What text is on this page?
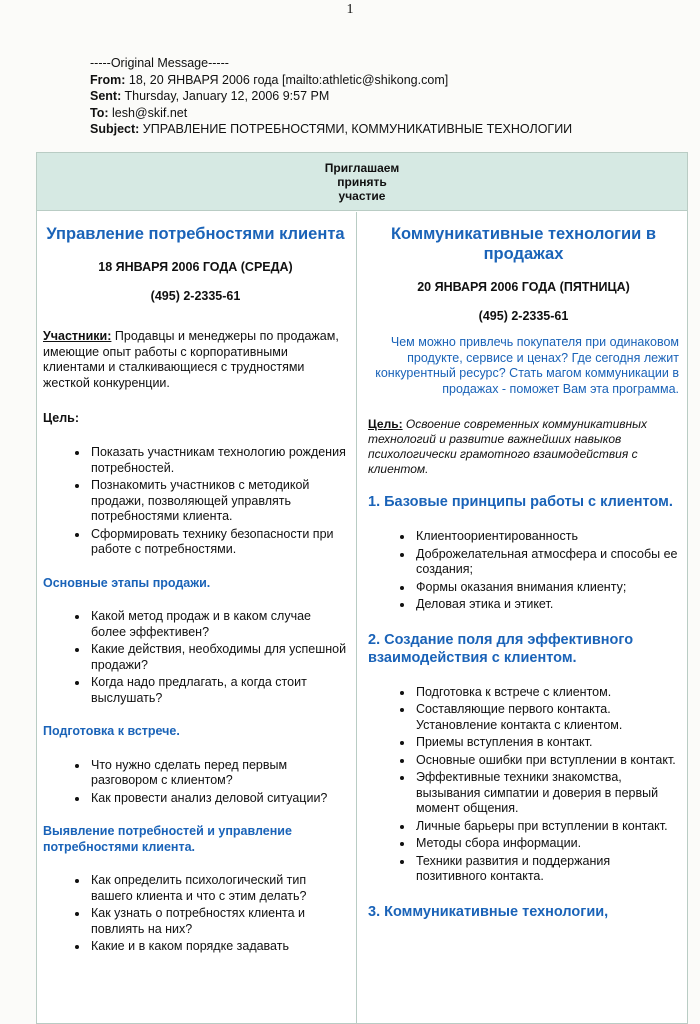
1
-----Original Message-----
From: 18, 20 ЯНВАРЯ 2006 года [mailto:athletic@shikong.com]
Sent: Thursday, January 12, 2006 9:57 PM
To: lesh@skif.net
Subject: УПРАВЛЕНИЕ ПОТРЕБНОСТЯМИ, КОММУНИКАТИВНЫЕ ТЕХНОЛОГИИ
Приглашаем
принять
участие
Управление потребностями клиента
18 ЯНВАРЯ 2006 ГОДА (СРЕДА)
(495) 2-2335-61

Участники: Продавцы и менеджеры по продажам, имеющие опыт работы с корпоративными клиентами и сталкивающиеся с трудностями жесткой конкуренции.

Цель:
• Показать участникам технологию рождения потребностей.
• Познакомить участников с методикой продажи, позволяющей управлять потребностями клиента.
• Сформировать технику безопасности при работе с потребностями.
Основные этапы продажи.
• Какой метод продаж и в каком случае более эффективен?
• Какие действия, необходимы для успешной продажи?
• Когда надо предлагать, а когда стоит выслушать?
Подготовка к встрече.
• Что нужно сделать перед первым разговором с клиентом?
• Как провести анализ деловой ситуации?
Выявление потребностей и управление потребностями клиента.
• Как определить психологический тип вашего клиента и что с этим делать?
• Как узнать о потребностях клиента и повлиять на них?
• Какие и в каком порядке задавать
Коммуникативные технологии в продажах
20 ЯНВАРЯ 2006 ГОДА (ПЯТНИЦА)
(495) 2-2335-61

Чем можно привлечь покупателя при одинаковом продукте, сервисе и ценах? Где сегодня лежит конкурентный ресурс? Стать магом коммуникации в продажах - поможет Вам эта программа.

Цель: Освоение современных коммуникативных технологий и развитие важнейших навыков психологически грамотного взаимодействия с клиентом.

1. Базовые принципы работы с клиентом.
• Клиентоориентированность
• Доброжелательная атмосфера и способы ее создания;
• Формы оказания внимания клиенту;
• Деловая этика и этикет.
2. Создание поля для эффективного взаимодействия с клиентом.
• Подготовка к встрече с клиентом.
• Составляющие первого контакта. Установление контакта с клиентом.
• Приемы вступления в контакт.
• Основные ошибки при вступлении в контакт.
• Эффективные техники знакомства, вызывания симпатии и доверия в первый момент общения.
• Личные барьеры при вступлении в контакт.
• Методы сбора информации.
• Техники развития и поддержания позитивного контакта.
3. Коммуникативные технологии,
